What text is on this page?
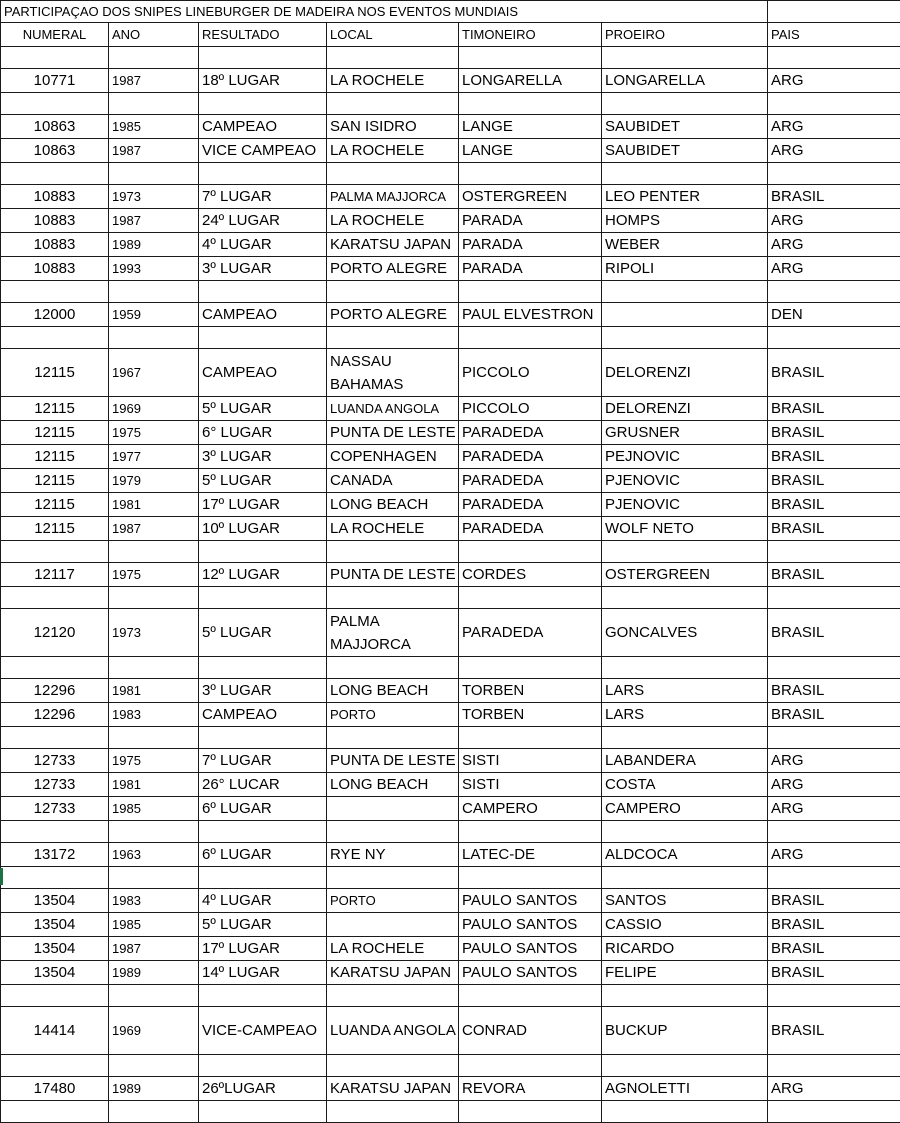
PARTICIPAÇAO DOS SNIPES LINEBURGER DE MADEIRA NOS EVENTOS MUNDIAIS						
NUMERAL	ANO	RESULTADO	LOCAL	TIMONEIRO	PROEIRO	PAIS

10771	1987	18º LUGAR	LA ROCHELE	LONGARELLA	LONGARELLA	ARG

10863	1985	CAMPEAO	SAN ISIDRO	LANGE	SAUBIDET	ARG
10863	1987	VICE CAMPEAO	LA ROCHELE	LANGE	SAUBIDET	ARG

10883	1973	7º LUGAR	PALMA MAJJORCA	OSTERGREEN	LEO PENTER	BRASIL
10883	1987	24º LUGAR	LA ROCHELE	PARADA	HOMPS	ARG
10883	1989	4º LUGAR	KARATSU JAPAN	PARADA	WEBER	ARG
10883	1993	3º LUGAR	PORTO ALEGRE	PARADA	RIPOLI	ARG

12000	1959	CAMPEAO	PORTO ALEGRE	PAUL ELVESTRON		DEN

12115	1967	CAMPEAO	NASSAU BAHAMAS	PICCOLO	DELORENZI	BRASIL
12115	1969	5º LUGAR	LUANDA ANGOLA	PICCOLO	DELORENZI	BRASIL
12115	1975	6° LUGAR	PUNTA DE LESTE	PARADEDA	GRUSNER	BRASIL
12115	1977	3º LUGAR	COPENHAGEN	PARADEDA	PEJNOVIC	BRASIL
12115	1979	5º LUGAR	CANADA	PARADEDA	PJENOVIC	BRASIL
12115	1981	17º LUGAR	LONG BEACH	PARADEDA	PJENOVIC	BRASIL
12115	1987	10º LUGAR	LA ROCHELE	PARADEDA	WOLF NETO	BRASIL

12117	1975	12º LUGAR	PUNTA DE LESTE	CORDES	OSTERGREEN	BRASIL

12120	1973	5º LUGAR	PALMA MAJJORCA	PARADEDA	GONCALVES	BRASIL

12296	1981	3º LUGAR	LONG BEACH	TORBEN	LARS	BRASIL
12296	1983	CAMPEAO	PORTO	TORBEN	LARS	BRASIL

12733	1975	7º LUGAR	PUNTA DE LESTE	SISTI	LABANDERA	ARG
12733	1981	26° LUCAR	LONG BEACH	SISTI	COSTA	ARG
12733	1985	6º LUGAR		CAMPERO	CAMPERO	ARG

13172	1963	6º LUGAR	RYE NY	LATEC-DE	ALDCOCA	ARG

13504	1983	4º LUGAR	PORTO	PAULO SANTOS	SANTOS	BRASIL
13504	1985	5º LUGAR		PAULO SANTOS	CASSIO	BRASIL
13504	1987	17º LUGAR	LA ROCHELE	PAULO SANTOS	RICARDO	BRASIL
13504	1989	14º LUGAR	KARATSU JAPAN	PAULO SANTOS	FELIPE	BRASIL

14414	1969	VICE-CAMPEAO	LUANDA ANGOLA	CONRAD	BUCKUP	BRASIL

17480	1989	26ºLUGAR	KARATSU JAPAN	REVORA	AGNOLETTI	ARG
